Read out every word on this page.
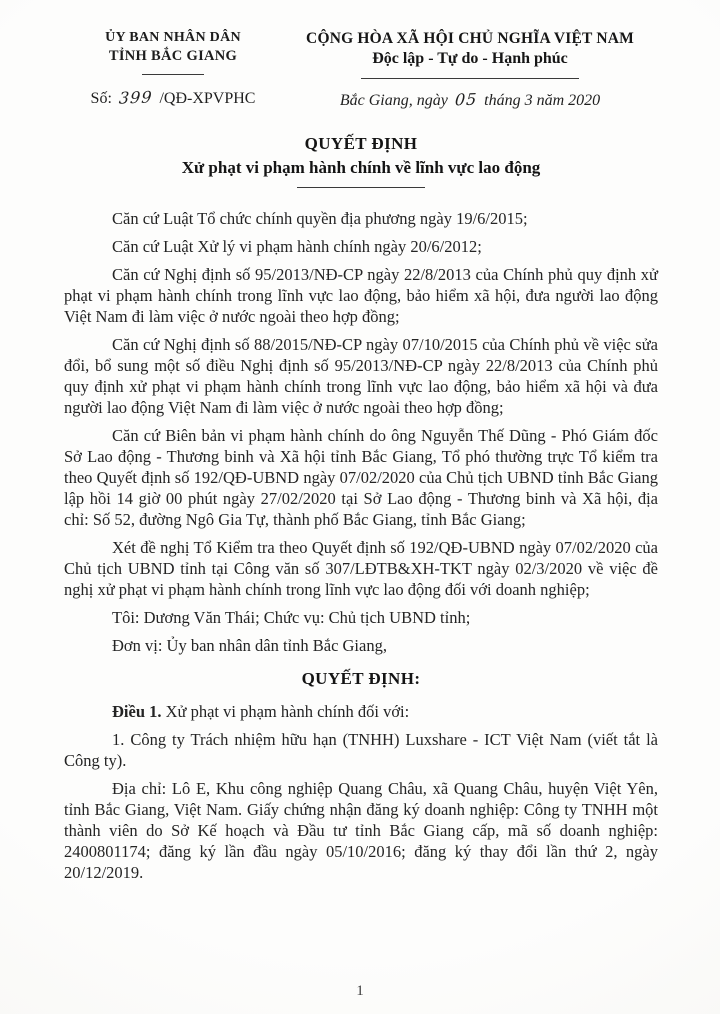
ỦY BAN NHÂN DÂN
TỈNH BẮC GIANG
Số: 399 /QĐ-XPVPHC
CỘNG HÒA XÃ HỘI CHỦ NGHĨA VIỆT NAM
Độc lập - Tự do - Hạnh phúc
Bắc Giang, ngày 05 tháng 3 năm 2020
QUYẾT ĐỊNH
Xử phạt vi phạm hành chính về lĩnh vực lao động

Căn cứ Luật Tổ chức chính quyền địa phương ngày 19/6/2015;

Căn cứ Luật Xử lý vi phạm hành chính ngày 20/6/2012;

Căn cứ Nghị định số 95/2013/NĐ-CP ngày 22/8/2013 của Chính phủ quy định xử phạt vi phạm hành chính trong lĩnh vực lao động, bảo hiểm xã hội, đưa người lao động Việt Nam đi làm việc ở nước ngoài theo hợp đồng;

Căn cứ Nghị định số 88/2015/NĐ-CP ngày 07/10/2015 của Chính phủ về việc sửa đổi, bổ sung một số điều Nghị định số 95/2013/NĐ-CP ngày 22/8/2013 của Chính phủ quy định xử phạt vi phạm hành chính trong lĩnh vực lao động, bảo hiểm xã hội và đưa người lao động Việt Nam đi làm việc ở nước ngoài theo hợp đồng;

Căn cứ Biên bản vi phạm hành chính do ông Nguyễn Thế Dũng - Phó Giám đốc Sở Lao động - Thương binh và Xã hội tỉnh Bắc Giang, Tổ phó thường trực Tổ kiểm tra theo Quyết định số 192/QĐ-UBND ngày 07/02/2020 của Chủ tịch UBND tỉnh Bắc Giang lập hồi 14 giờ 00 phút ngày 27/02/2020 tại Sở Lao động - Thương binh và Xã hội, địa chỉ: Số 52, đường Ngô Gia Tự, thành phố Bắc Giang, tỉnh Bắc Giang;

Xét đề nghị Tổ Kiểm tra theo Quyết định số 192/QĐ-UBND ngày 07/02/2020 của Chủ tịch UBND tỉnh tại Công văn số 307/LĐTB&XH-TKT ngày 02/3/2020 về việc đề nghị xử phạt vi phạm hành chính trong lĩnh vực lao động đối với doanh nghiệp;

Tôi: Dương Văn Thái; Chức vụ: Chủ tịch UBND tỉnh;

Đơn vị: Ủy ban nhân dân tỉnh Bắc Giang,

QUYẾT ĐỊNH:

Điều 1. Xử phạt vi phạm hành chính đối với:

1. Công ty Trách nhiệm hữu hạn (TNHH) Luxshare - ICT Việt Nam (viết tắt là Công ty).

Địa chỉ: Lô E, Khu công nghiệp Quang Châu, xã Quang Châu, huyện Việt Yên, tỉnh Bắc Giang, Việt Nam. Giấy chứng nhận đăng ký doanh nghiệp: Công ty TNHH một thành viên do Sở Kế hoạch và Đầu tư tỉnh Bắc Giang cấp, mã số doanh nghiệp: 2400801174; đăng ký lần đầu ngày 05/10/2016; đăng ký thay đổi lần thứ 2, ngày 20/12/2019.

1
